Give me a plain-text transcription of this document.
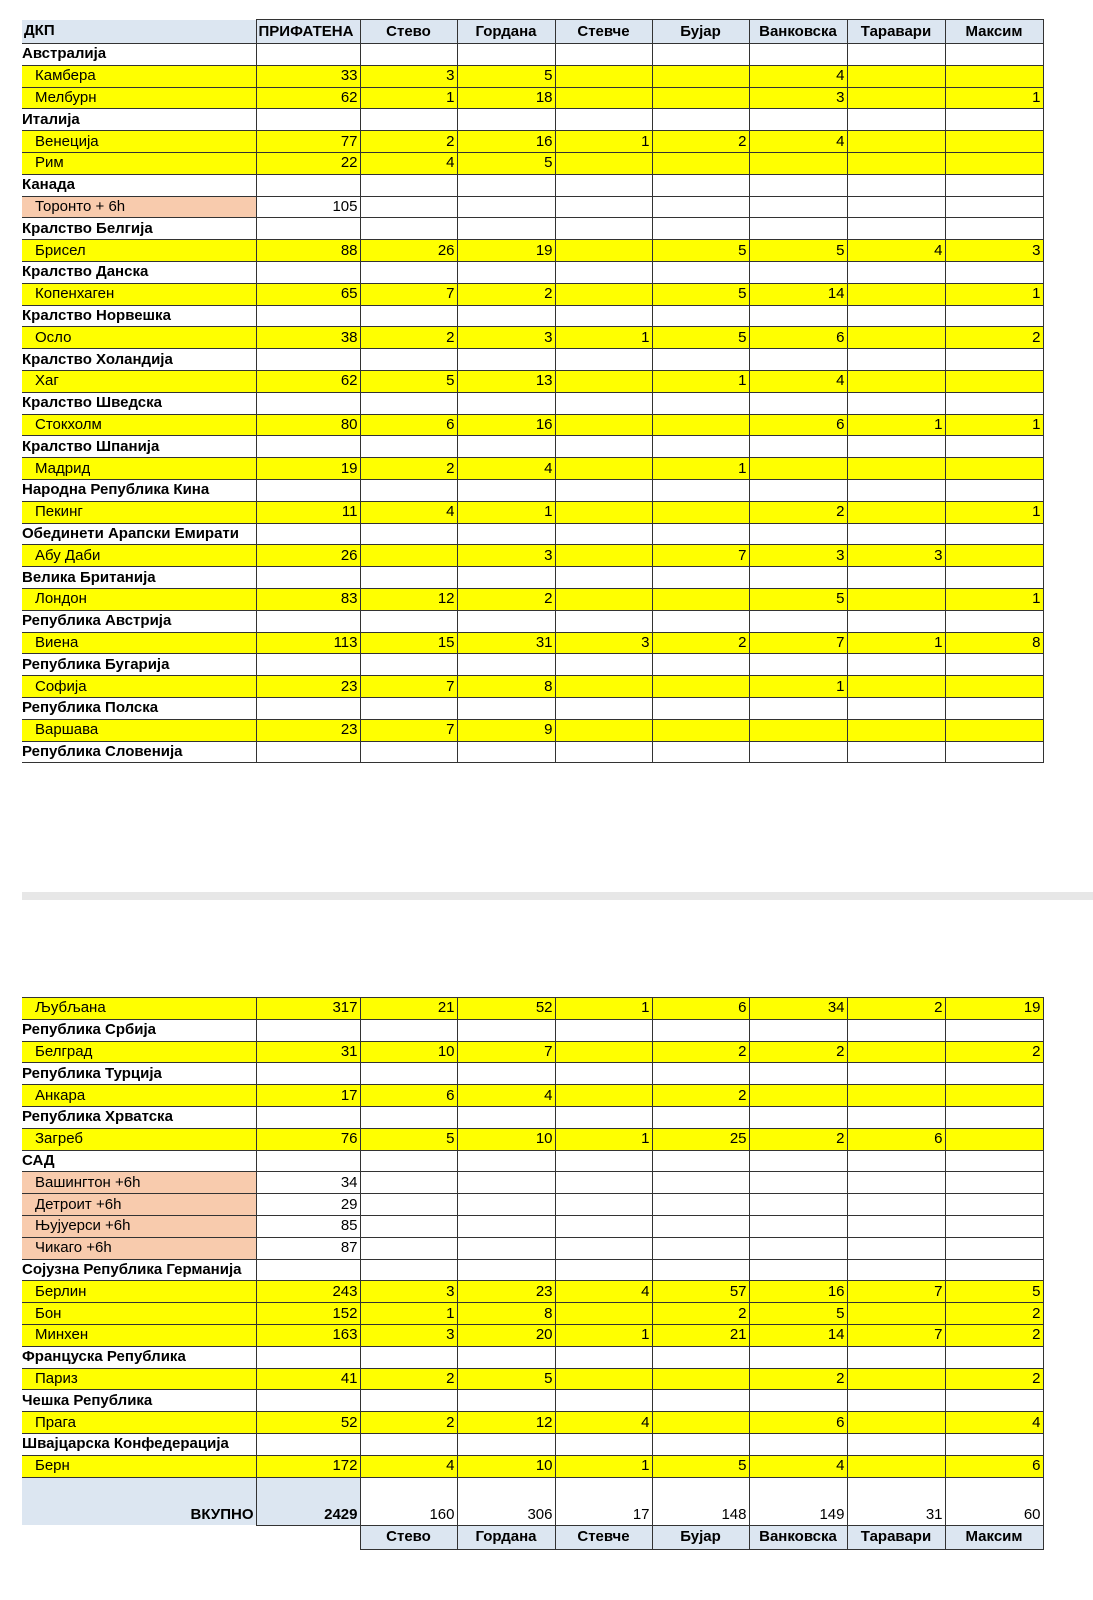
ДКП	ПРИФАТЕНА	Стево	Гордана	Стевче	Бујар	Ванковска	Таравари	Максим
Австралија								
Камбера	33	3	5			4		
Мелбурн	62	1	18			3		1
Италија								
Венеција	77	2	16	1	2	4		
Рим	22	4	5					
Канада								
Торонто + 6h	105							
Кралство Белгија								
Брисел	88	26	19		5	5	4	3
Кралство Данска								
Копенхаген	65	7	2		5	14		1
Кралство Норвешка								
Осло	38	2	3	1	5	6		2
Кралство Холандија								
Хаг	62	5	13		1	4		
Кралство Шведска								
Стокхолм	80	6	16			6	1	1
Кралство Шпанија								
Мадрид	19	2	4		1			
Народна Република Кина								
Пекинг	11	4	1			2		1
Обединети Арапски Емирати								
Абу Даби	26		3		7	3	3	
Велика Британија								
Лондон	83	12	2			5		1
Република Австрија								
Виена	113	15	31	3	2	7	1	8
Република Бугарија								
Софија	23	7	8			1		
Република Полска								
Варшава	23	7	9					
Република Словенија								
Љубљана	317	21	52	1	6	34	2	19
Република Србија								
Белград	31	10	7		2	2		2
Република Турција								
Анкара	17	6	4		2			
Република Хрватска								
Загреб	76	5	10	1	25	2	6	
САД								
Вашингтон +6h	34							
Детроит +6h	29							
Њујуерси +6h	85							
Чикаго +6h	87							
Сојузна Република Германија								
Берлин	243	3	23	4	57	16	7	5
Бон	152	1	8		2	5		2
Минхен	163	3	20	1	21	14	7	2
Француска Република								
Париз	41	2	5			2		2
Чешка Република								
Прага	52	2	12	4		6		4
Швајцарска Конфедерација								
Берн	172	4	10	1	5	4		6
ВКУПНО	2429	160	306	17	148	149	31	60
		Стево	Гордана	Стевче	Бујар	Ванковска	Таравари	Максим
